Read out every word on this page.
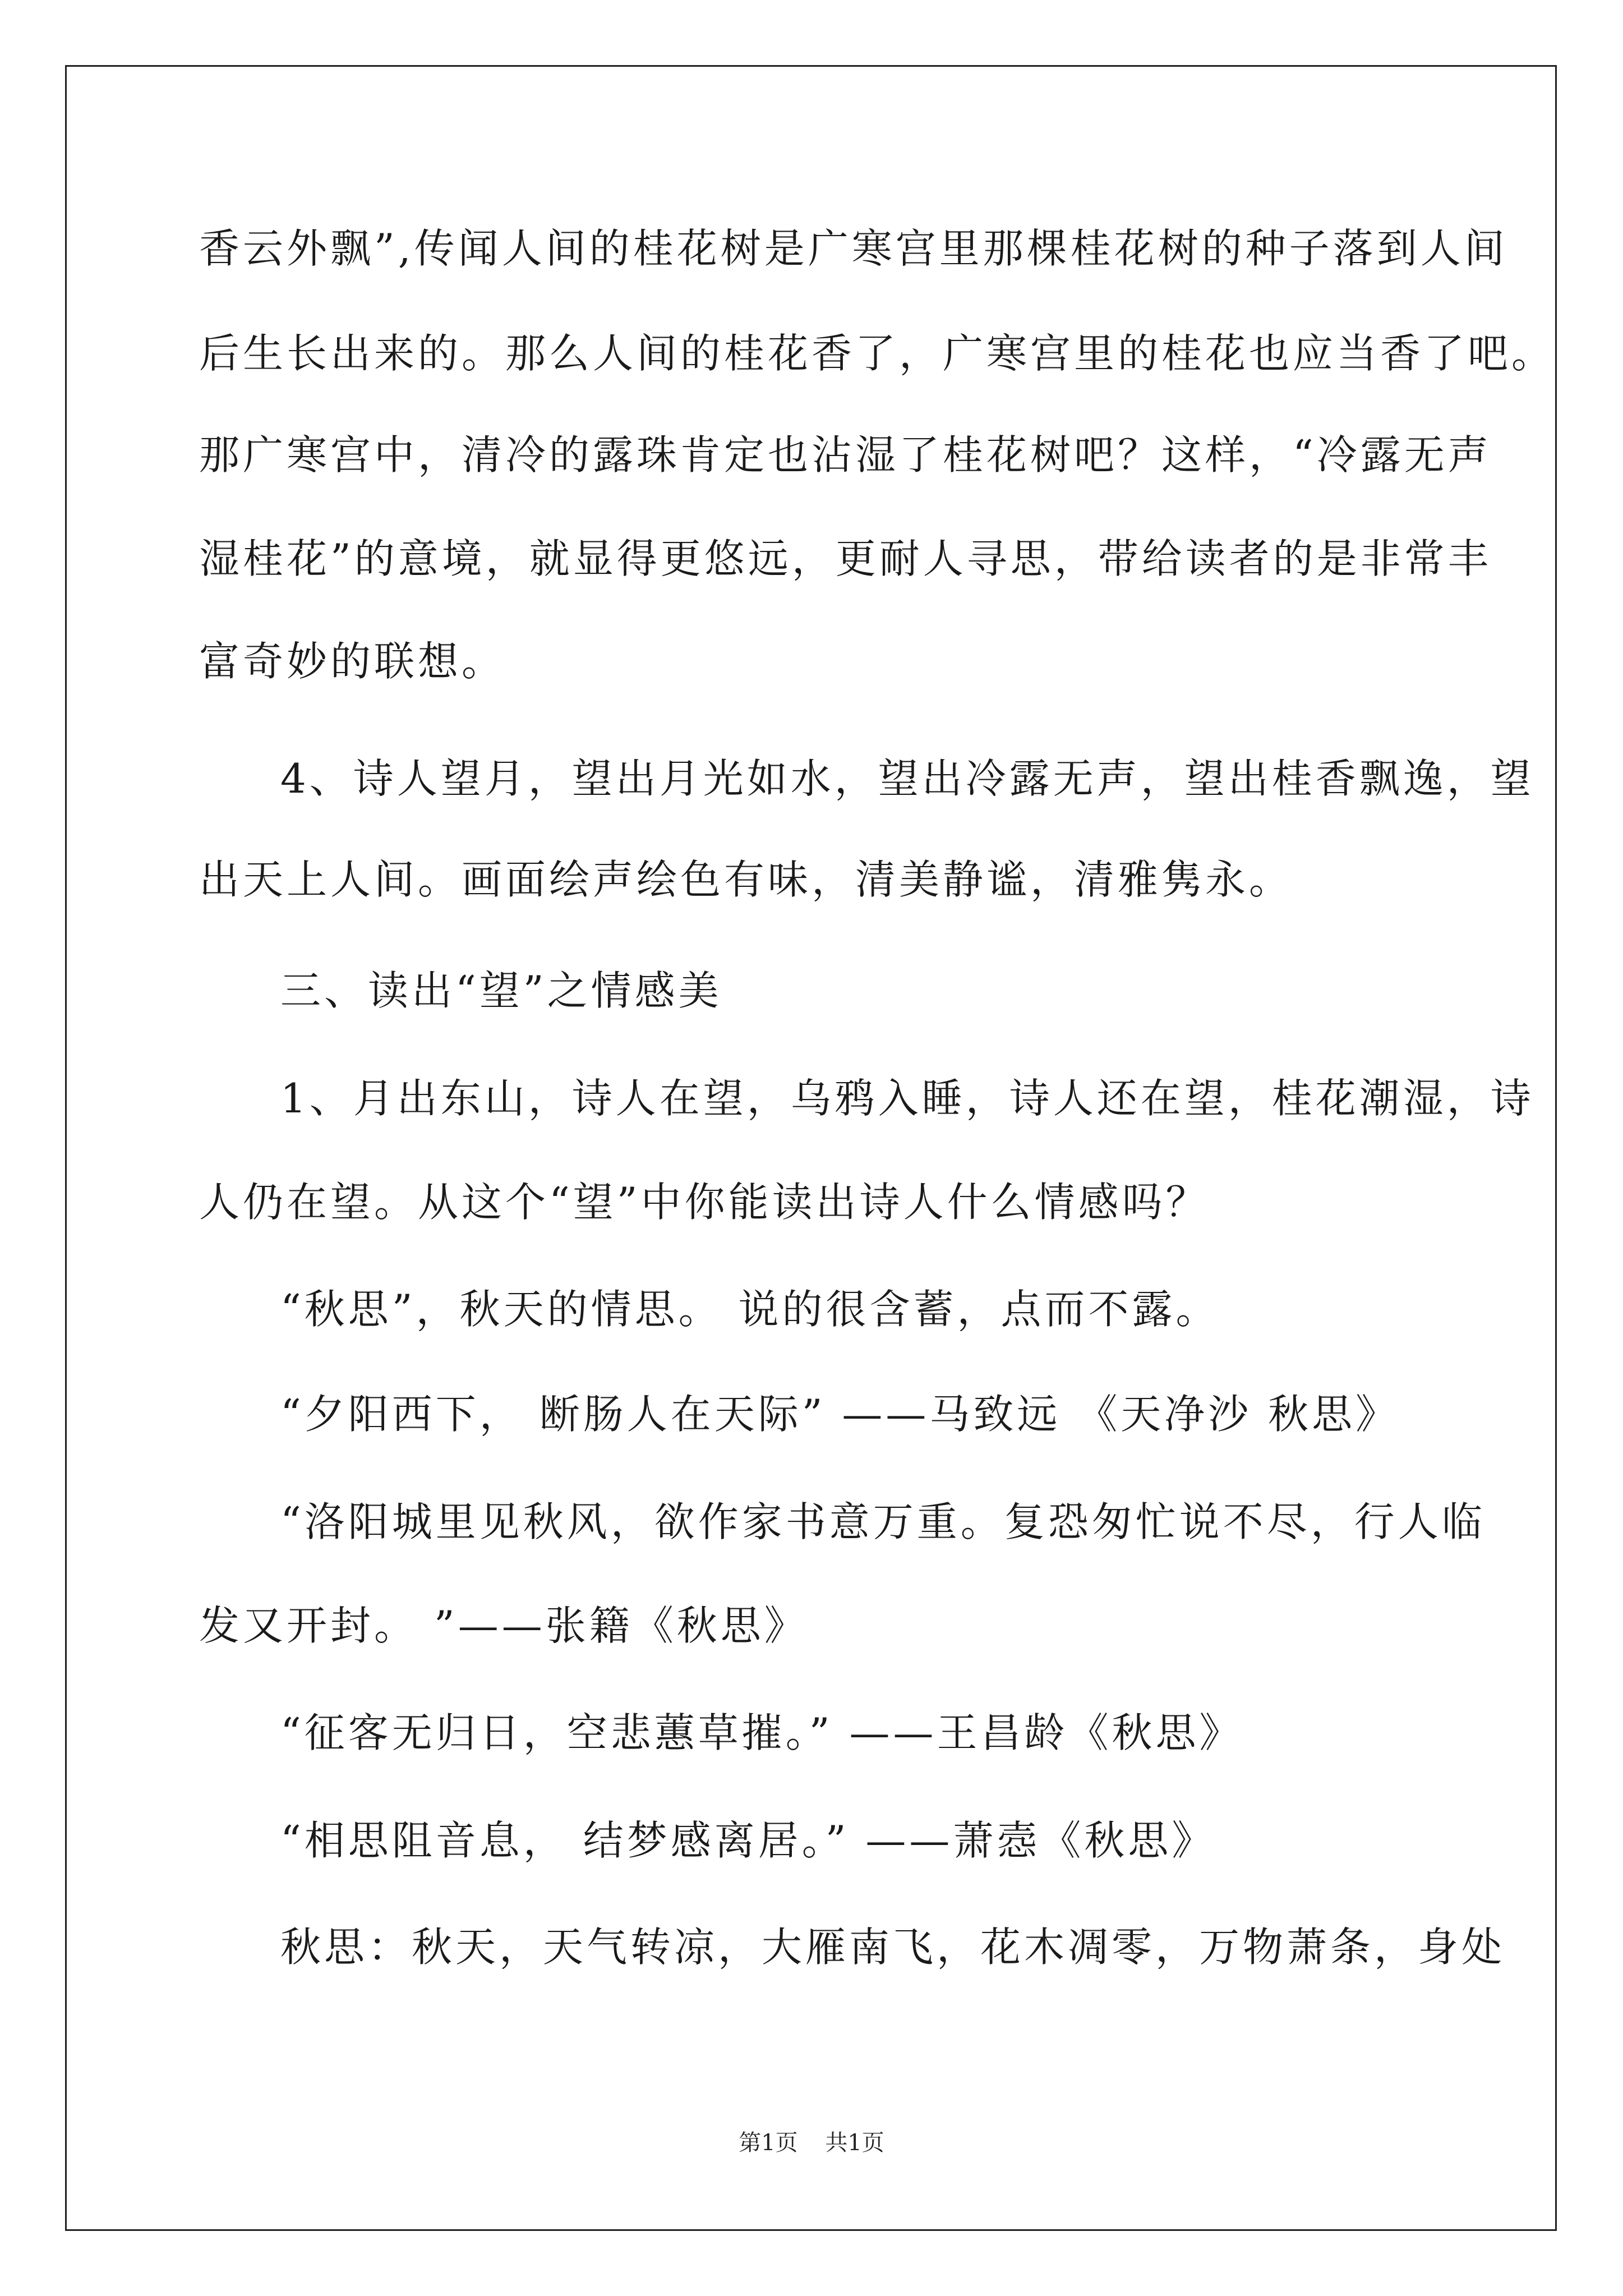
香云外飘”,传闻人间的桂花树是广寒宫里那棵桂花树的种子落到人间
后生长出来的。那么人间的桂花香了，广寒宫里的桂花也应当香了吧。
那广寒宫中，清冷的露珠肯定也沾湿了桂花树吧？这样，“冷露无声
湿桂花”的意境，就显得更悠远，更耐人寻思，带给读者的是非常丰
富奇妙的联想。
4、诗人望月，望出月光如水，望出冷露无声，望出桂香飘逸，望
出天上人间。画面绘声绘色有味，清美静谧，清雅隽永。
三、读出“望”之情感美
1、月出东山，诗人在望，乌鸦入睡，诗人还在望，桂花潮湿，诗
人仍在望。从这个“望”中你能读出诗人什么情感吗？
“秋思”，秋天的情思。 说的很含蓄，点而不露。
“夕阳西下， 断肠人在天际” ——马致远 《天净沙 秋思》
“洛阳城里见秋风，欲作家书意万重。复恐匆忙说不尽，行人临
发又开封。 ”——张籍《秋思》
“征客无归日，空悲蕙草摧。” ——王昌龄《秋思》
“相思阻音息， 结梦感离居。” ——萧悫《秋思》
秋思：秋天，天气转凉，大雁南飞，花木凋零，万物萧条，身处
第1页 共1页
